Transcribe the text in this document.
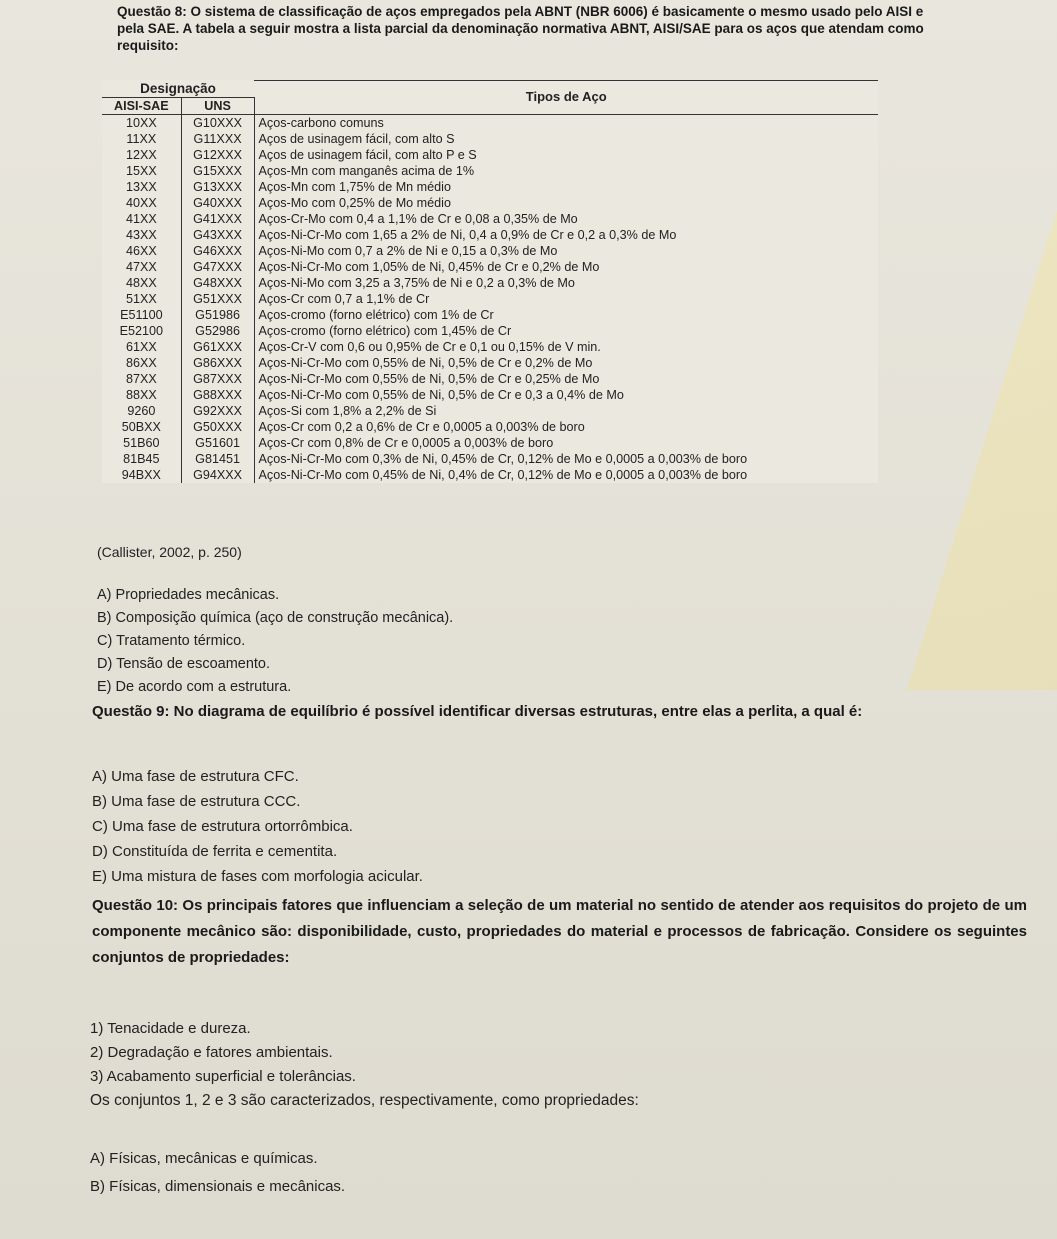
Questão 8: O sistema de classificação de aços empregados pela ABNT (NBR 6006) é basicamente o mesmo usado pelo AISI e pela SAE. A tabela a seguir mostra a lista parcial da denominação normativa ABNT, AISI/SAE para os aços que atendam como requisito:
Designação		Tipos de Aço
AISI-SAE	UNS	
10XX	G10XXX	Aços-carbono comuns
11XX	G11XXX	Aços de usinagem fácil, com alto S
12XX	G12XXX	Aços de usinagem fácil, com alto P e S
15XX	G15XXX	Aços-Mn com manganês acima de 1%
13XX	G13XXX	Aços-Mn com 1,75% de Mn médio
40XX	G40XXX	Aços-Mo com 0,25% de Mo médio
41XX	G41XXX	Aços-Cr-Mo com 0,4 a 1,1% de Cr e 0,08 a 0,35% de Mo
43XX	G43XXX	Aços-Ni-Cr-Mo com 1,65 a 2% de Ni, 0,4 a 0,9% de Cr e 0,2 a 0,3% de Mo
46XX	G46XXX	Aços-Ni-Mo com 0,7 a 2% de Ni e 0,15 a 0,3% de Mo
47XX	G47XXX	Aços-Ni-Cr-Mo com 1,05% de Ni, 0,45% de Cr e 0,2% de Mo
48XX	G48XXX	Aços-Ni-Mo com 3,25 a 3,75% de Ni e 0,2 a 0,3% de Mo
51XX	G51XXX	Aços-Cr com 0,7 a 1,1% de Cr
E51100	G51986	Aços-cromo (forno elétrico) com 1% de Cr
E52100	G52986	Aços-cromo (forno elétrico) com 1,45% de Cr
61XX	G61XXX	Aços-Cr-V com 0,6 ou 0,95% de Cr e 0,1 ou 0,15% de V min.
86XX	G86XXX	Aços-Ni-Cr-Mo com 0,55% de Ni, 0,5% de Cr e 0,2% de Mo
87XX	G87XXX	Aços-Ni-Cr-Mo com 0,55% de Ni, 0,5% de Cr e 0,25% de Mo
88XX	G88XXX	Aços-Ni-Cr-Mo com 0,55% de Ni, 0,5% de Cr e 0,3 a 0,4% de Mo
9260	G92XXX	Aços-Si com 1,8% a 2,2% de Si
50BXX	G50XXX	Aços-Cr com 0,2 a 0,6% de Cr e 0,0005 a 0,003% de boro
51B60	G51601	Aços-Cr com 0,8% de Cr e 0,0005 a 0,003% de boro
81B45	G81451	Aços-Ni-Cr-Mo com 0,3% de Ni, 0,45% de Cr, 0,12% de Mo e 0,0005 a 0,003% de boro
94BXX	G94XXX	Aços-Ni-Cr-Mo com 0,45% de Ni, 0,4% de Cr, 0,12% de Mo e 0,0005 a 0,003% de boro
(Callister, 2002, p. 250)
A) Propriedades mecânicas.
B) Composição química (aço de construção mecânica).
C) Tratamento térmico.
D) Tensão de escoamento.
E) De acordo com a estrutura.
Questão 9: No diagrama de equilíbrio é possível identificar diversas estruturas, entre elas a perlita, a qual é:
A) Uma fase de estrutura CFC.
B) Uma fase de estrutura CCC.
C) Uma fase de estrutura ortorrômbica.
D) Constituída de ferrita e cementita.
E) Uma mistura de fases com morfologia acicular.
Questão 10: Os principais fatores que influenciam a seleção de um material no sentido de atender aos requisitos do projeto de um componente mecânico são: disponibilidade, custo, propriedades do material e processos de fabricação. Considere os seguintes conjuntos de propriedades:
1) Tenacidade e dureza.
2) Degradação e fatores ambientais.
3) Acabamento superficial e tolerâncias.
Os conjuntos 1, 2 e 3 são caracterizados, respectivamente, como propriedades:
A) Físicas, mecânicas e químicas.
B) Físicas, dimensionais e mecânicas.
